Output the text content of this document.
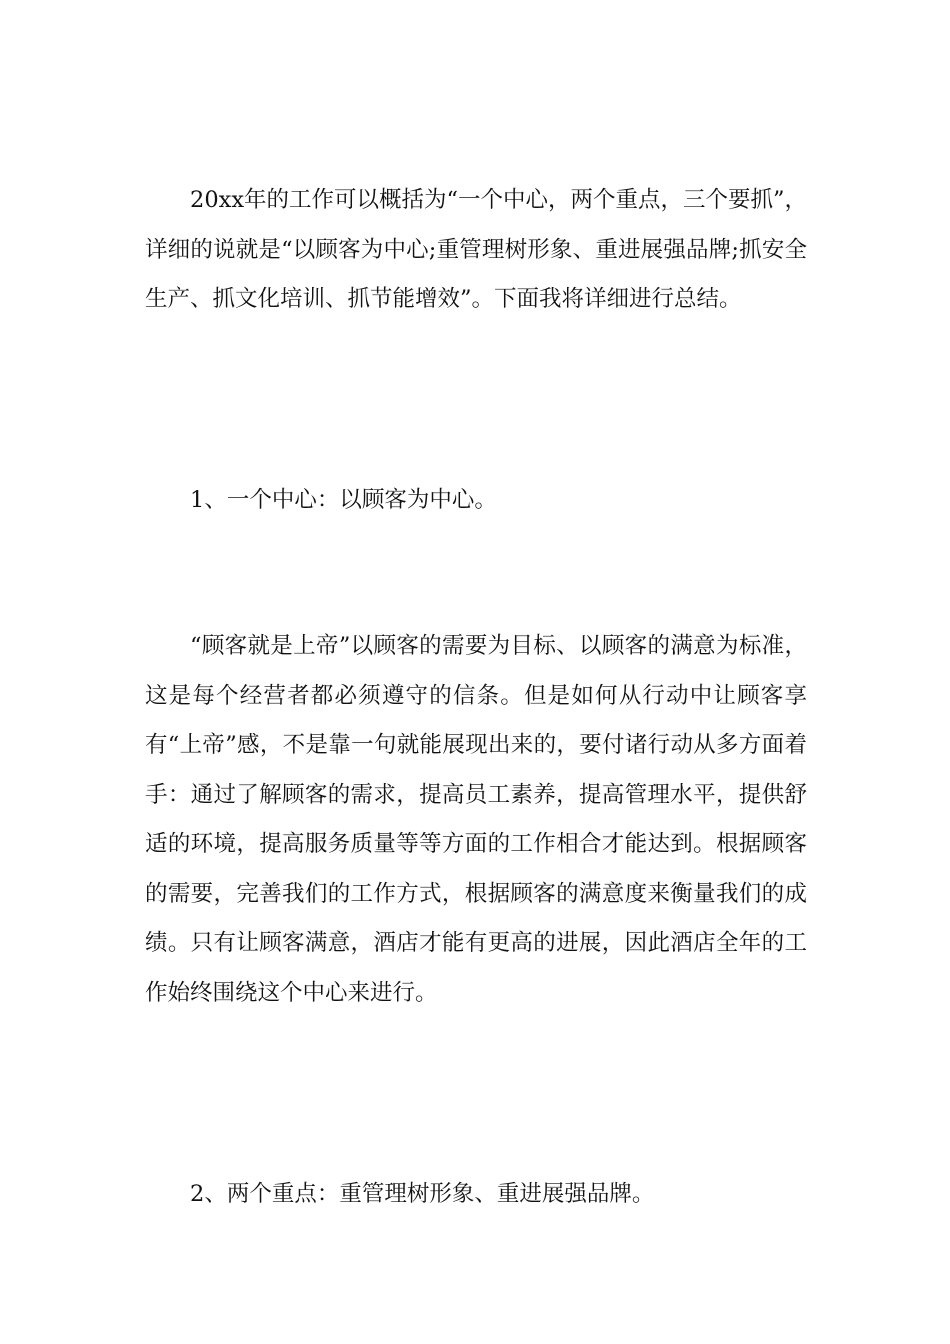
20xx年的工作可以概括为“一个中心，两个重点，三个要抓”，详细的说就是“以顾客为中心;重管理树形象、重进展强品牌;抓安全生产、抓文化培训、抓节能增效”。下面我将详细进行总结。

1、一个中心：以顾客为中心。

“顾客就是上帝”以顾客的需要为目标、以顾客的满意为标准，这是每个经营者都必须遵守的信条。但是如何从行动中让顾客享有“上帝”感，不是靠一句就能展现出来的，要付诸行动从多方面着手：通过了解顾客的需求，提高员工素养，提高管理水平，提供舒适的环境，提高服务质量等等方面的工作相合才能达到。根据顾客的需要，完善我们的工作方式，根据顾客的满意度来衡量我们的成绩。只有让顾客满意，酒店才能有更高的进展，因此酒店全年的工作始终围绕这个中心来进行。

2、两个重点：重管理树形象、重进展强品牌。
